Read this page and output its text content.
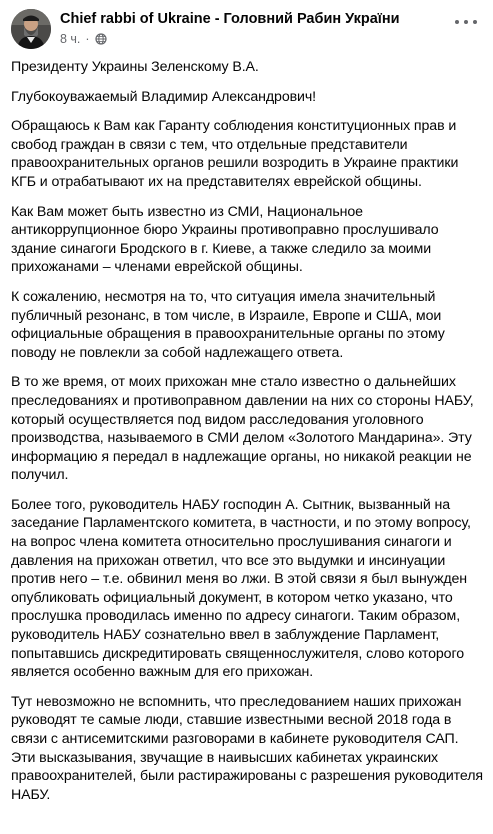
Chief rabbi of Ukraine - Головний Рабин України
8 ч. ·

Президенту Украины Зеленскому В.А.

Глубокоуважаемый Владимир Александрович!

Обращаюсь к Вам как Гаранту соблюдения конституционных прав и свобод граждан в связи с тем, что отдельные представители правоохранительных органов решили возродить в Украине практики КГБ и отрабатывают их на представителях еврейской общины.

Как Вам может быть известно из СМИ, Национальное антикоррупционное бюро Украины противоправно прослушивало здание синагоги Бродского в г. Киеве, а также следило за моими прихожанами – членами еврейской общины.

К сожалению, несмотря на то, что ситуация имела значительный публичный резонанс, в том числе, в Израиле, Европе и США, мои официальные обращения в правоохранительные органы по этому поводу не повлекли за собой надлежащего ответа.

В то же время, от моих прихожан мне стало известно о дальнейших преследованиях и противоправном давлении на них со стороны НАБУ, который осуществляется под видом расследования уголовного производства, называемого в СМИ делом «Золотого Мандарина». Эту информацию я передал в надлежащие органы, но никакой реакции не получил.

Более того, руководитель НАБУ господин А. Сытник, вызванный на заседание Парламентского комитета, в частности, и по этому вопросу, на вопрос члена комитета относительно прослушивания синагоги и давления на прихожан ответил, что все это выдумки и инсинуации против него – т.е. обвинил меня во лжи. В этой связи я был вынужден опубликовать официальный документ, в котором четко указано, что прослушка проводилась именно по адресу синагоги. Таким образом, руководитель НАБУ сознательно ввел в заблуждение Парламент, попытавшись дискредитировать священнослужителя, слово которого является особенно важным для его прихожан.

Тут невозможно не вспомнить, что преследованием наших прихожан руководят те самые люди, ставшие известными весной 2018 года в связи с антисемитскими разговорами в кабинете руководителя САП. Эти высказывания, звучащие в наивысших кабинетах украинских правоохранителей, были растиражированы с разрешения руководителя НАБУ.
